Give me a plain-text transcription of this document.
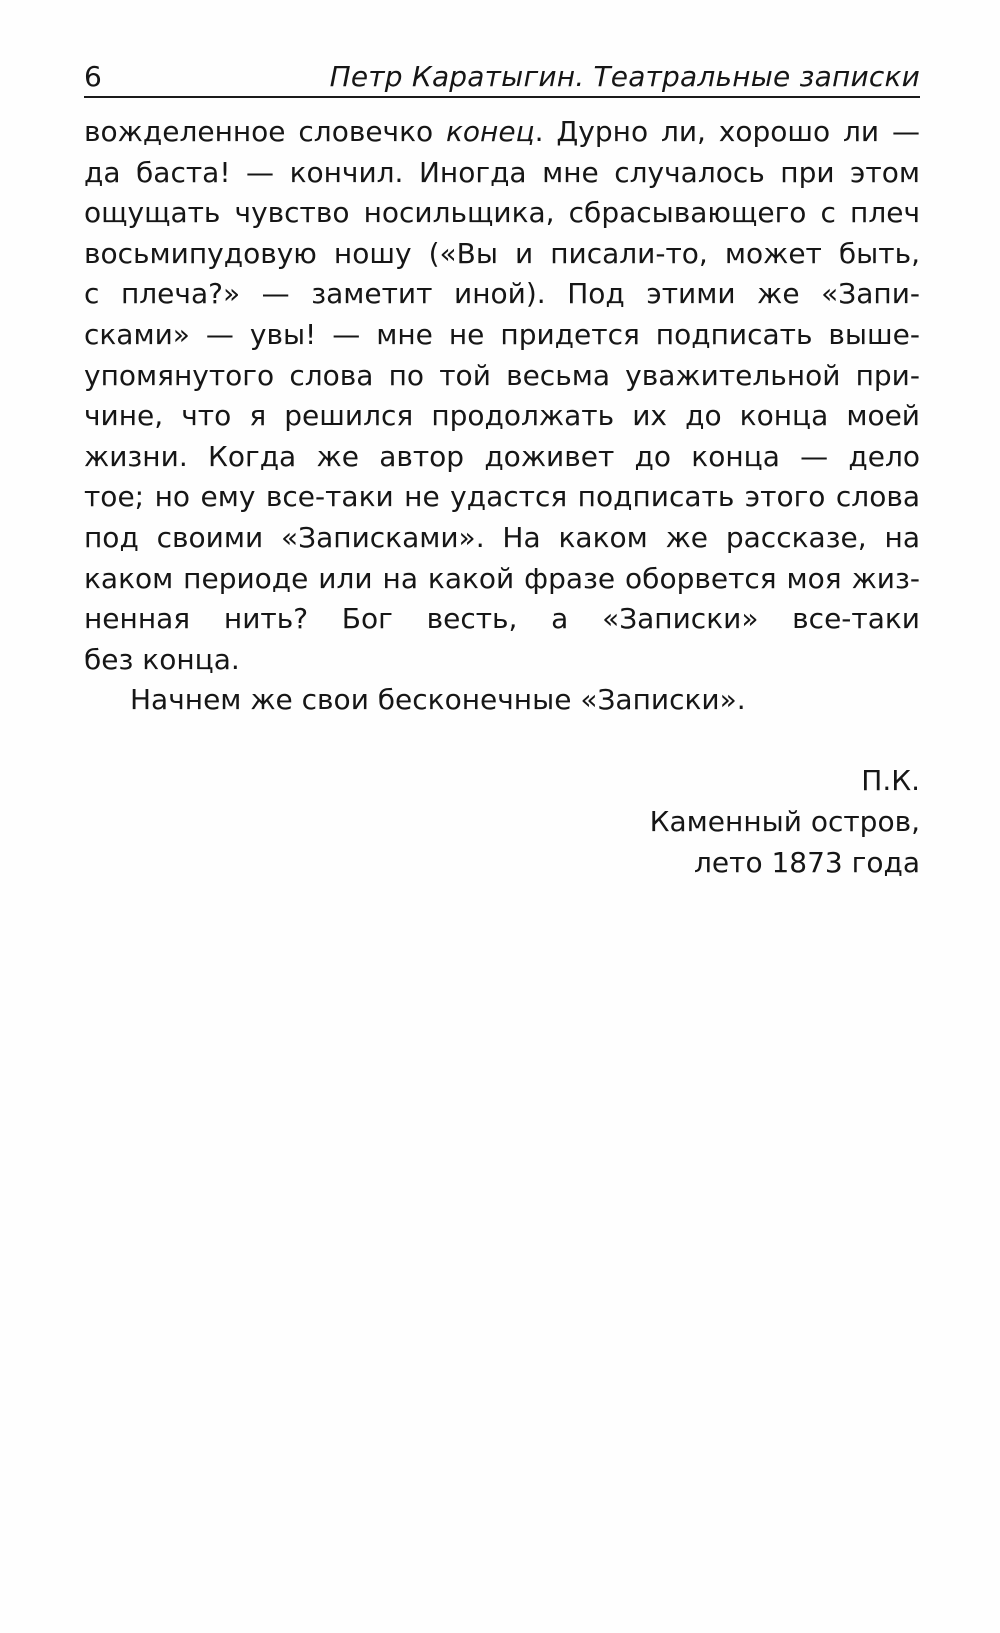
6	Петр Каратыгин. Театральные записки
вожделенное словечко конец. Дурно ли, хорошо ли —
да баста! — кончил. Иногда мне случалось при этом
ощущать чувство носильщика, сбрасывающего с плеч
восьмипудовую ношу («Вы и писали-то, может быть,
с плеча?» — заметит иной). Под этими же «Запи-
сками» — увы! — мне не придется подписать выше-
упомянутого слова по той весьма уважительной при-
чине, что я решился продолжать их до конца моей
жизни. Когда же автор доживет до конца — дело
тое; но ему все-таки не удастся подписать этого слова
под своими «Записками». На каком же рассказе, на
каком периоде или на какой фразе оборвется моя жиз-
ненная нить? Бог весть, а «Записки» все-таки
без конца.
Начнем же свои бесконечные «Записки».
П.К.
Каменный остров,
лето 1873 года
